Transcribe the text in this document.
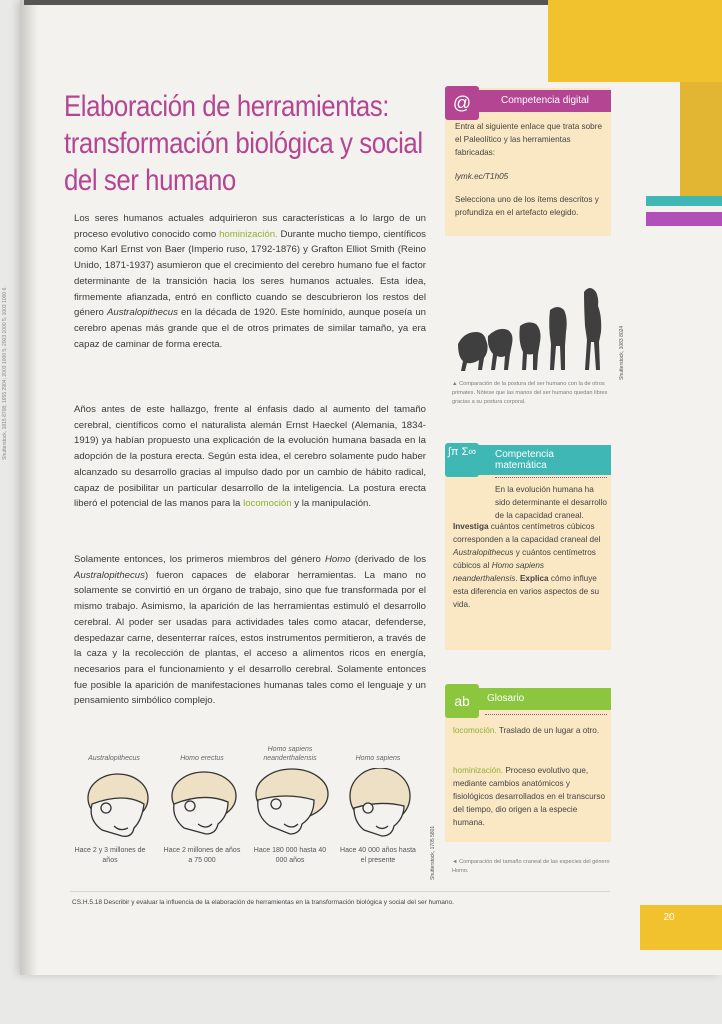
20
Shutterstock, 1815 8708; 1655 2904; 2003 1000 5; 2003 1000 5; 1003 1000 6.
Elaboración de herramientas:
transformación biológica y social
del ser humano

Los seres humanos actuales adquirieron sus características a lo largo de un proceso evolutivo conocido como hominización. Durante mucho tiempo, científicos como Karl Ernst von Baer (Imperio ruso, 1792-1876) y Grafton Elliot Smith (Reino Unido, 1871-1937) asumieron que el crecimiento del cerebro humano fue el factor determinante de la transición hacia los seres humanos actuales. Esta idea, firmemente afianzada, entró en conflicto cuando se descubrieron los restos del género Australopithecus en la década de 1920. Este homínido, aunque poseía un cerebro apenas más grande que el de otros primates de similar tamaño, ya era capaz de caminar de forma erecta.

Años antes de este hallazgo, frente al énfasis dado al aumento del tamaño cerebral, científicos como el naturalista alemán Ernst Haeckel (Alemania, 1834-1919) ya habían propuesto una explicación de la evolución humana basada en la adopción de la postura erecta. Según esta idea, el cerebro solamente pudo haber alcanzado su desarrollo gracias al impulso dado por un cambio de hábito radical, capaz de posibilitar un particular desarrollo de la inteligencia. La postura erecta liberó el potencial de las manos para la locomoción y la manipulación.

Solamente entonces, los primeros miembros del género Homo (derivado de los Australopithecus) fueron capaces de elaborar herramientas. La mano no solamente se convirtió en un órgano de trabajo, sino que fue transformada por el mismo trabajo. Asimismo, la aparición de las herramientas estimuló el desarrollo cerebral. Al poder ser usadas para actividades tales como atacar, defenderse, despedazar carne, desenterrar raíces, estos instrumentos permitieron, a través de la caza y la recolección de plantas, el acceso a alimentos ricos en energía, necesarios para el funcionamiento y el desarrollo cerebral. Solamente entonces fue posible la aparición de manifestaciones humanas tales como el lenguaje y un pensamiento simbólico complejo.

Competencia digital
@
Entra al siguiente enlace que trata sobre el Paleolítico y las herramientas fabricadas:
lymk.ec/T1h05
Selecciona uno de los ítems descritos y profundiza en el artefacto elegido.
Shutterstock, 1083 8024
▲ Comparación de la postura del ser humano con la de otros primates. Nótese que las manos del ser humano quedan libres gracias a su postura corporal.
Competencia
matemática
∫π Σ∞
En la evolución humana ha sido determinante el desarrollo de la capacidad craneal.
Investiga cuántos centímetros cúbicos corresponden a la capacidad craneal del Australopithecus y cuántos centímetros cúbicos al Homo sapiens neanderthalensis. Explica cómo influye esta diferencia en varios aspectos de su vida.
Glosario
ab
locomoción. Traslado de un lugar a otro.
hominización. Proceso evolutivo que, mediante cambios anatómicos y fisiológicos desarrollados en el transcurso del tiempo, dio origen a la especie humana.
Australopithecus	Homo erectus
Homo sapiens neanderthalensis	Homo sapiens
Hace 2 y 3 millones de años
Hace 2 millones de años a 75 000
Hace 180 000 hasta 40 000 años
Hace 40 000 años hasta el presente	Shutterstock, 1705 5801	◄ Comparación del tamaño craneal de las especies del género Homo.
CS.H.5.18 Describir y evaluar la influencia de la elaboración de herramientas en la transformación biológica y social del ser humano.
